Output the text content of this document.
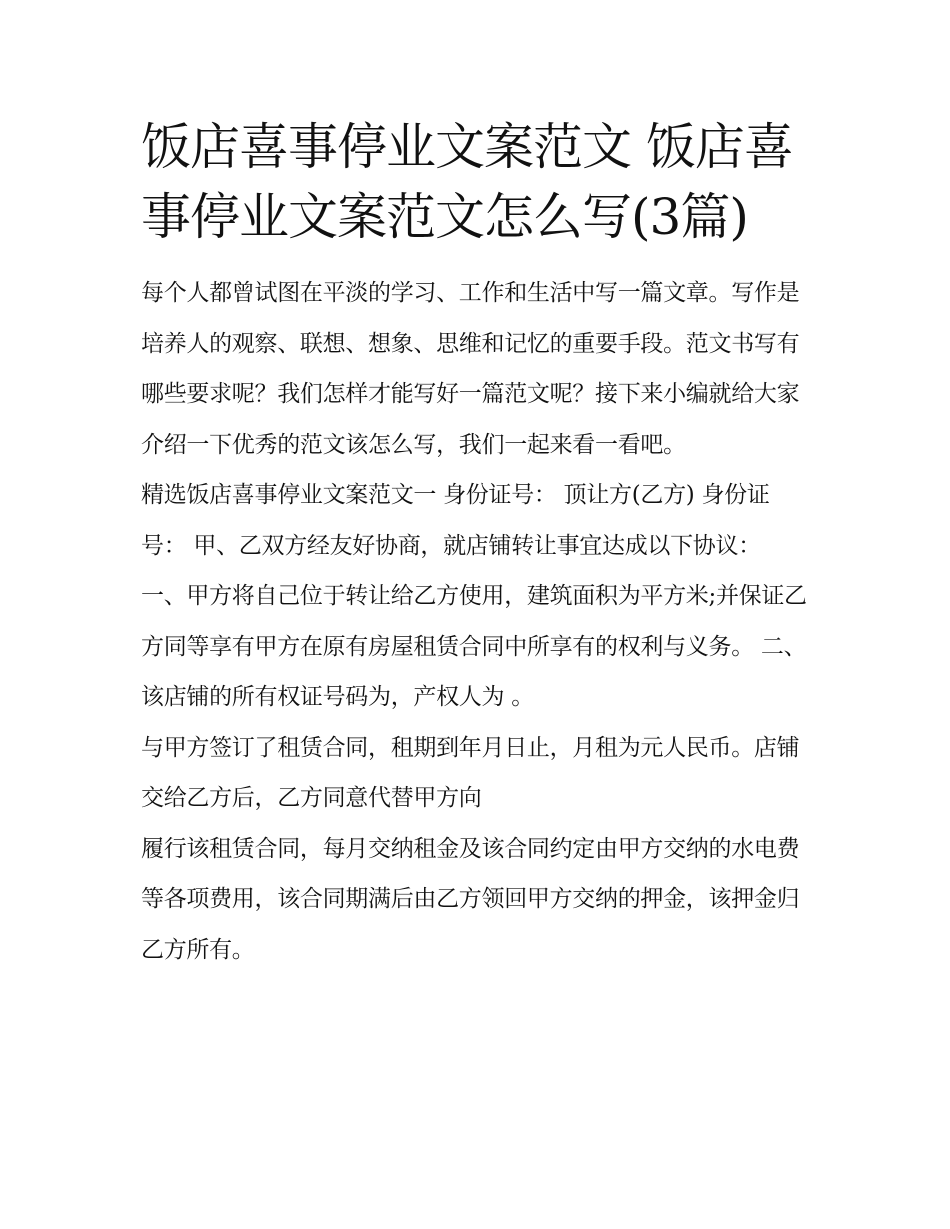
饭店喜事停业文案范文 饭店喜事停业文案范文怎么写(3篇)

每个人都曾试图在平淡的学习、工作和生活中写一篇文章。写作是培养人的观察、联想、想象、思维和记忆的重要手段。范文书写有哪些要求呢？我们怎样才能写好一篇范文呢？接下来小编就给大家介绍一下优秀的范文该怎么写，我们一起来看一看吧。

精选饭店喜事停业文案范文一 身份证号： 顶让方(乙方) 身份证号： 甲、乙双方经友好协商，就店铺转让事宜达成以下协议：

一、甲方将自己位于转让给乙方使用，建筑面积为平方米;并保证乙方同等享有甲方在原有房屋租赁合同中所享有的权利与义务。 二、该店铺的所有权证号码为，产权人为 。

与甲方签订了租赁合同，租期到年月日止，月租为元人民币。店铺交给乙方后，乙方同意代替甲方向

履行该租赁合同，每月交纳租金及该合同约定由甲方交纳的水电费等各项费用，该合同期满后由乙方领回甲方交纳的押金，该押金归乙方所有。
